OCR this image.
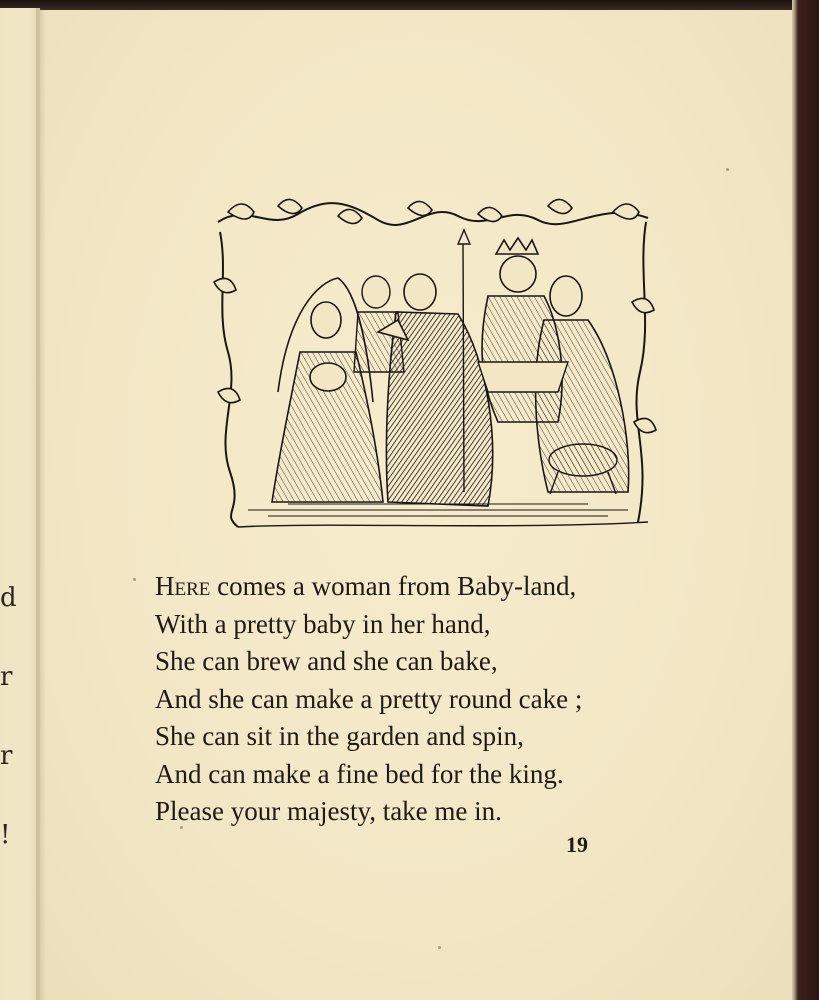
d
r
r
!
Here comes a woman from Baby-land,
With a pretty baby in her hand,
She can brew and she can bake,
And she can make a pretty round cake ;
She can sit in the garden and spin,
And can make a fine bed for the king.
Please your majesty, take me in.
19
